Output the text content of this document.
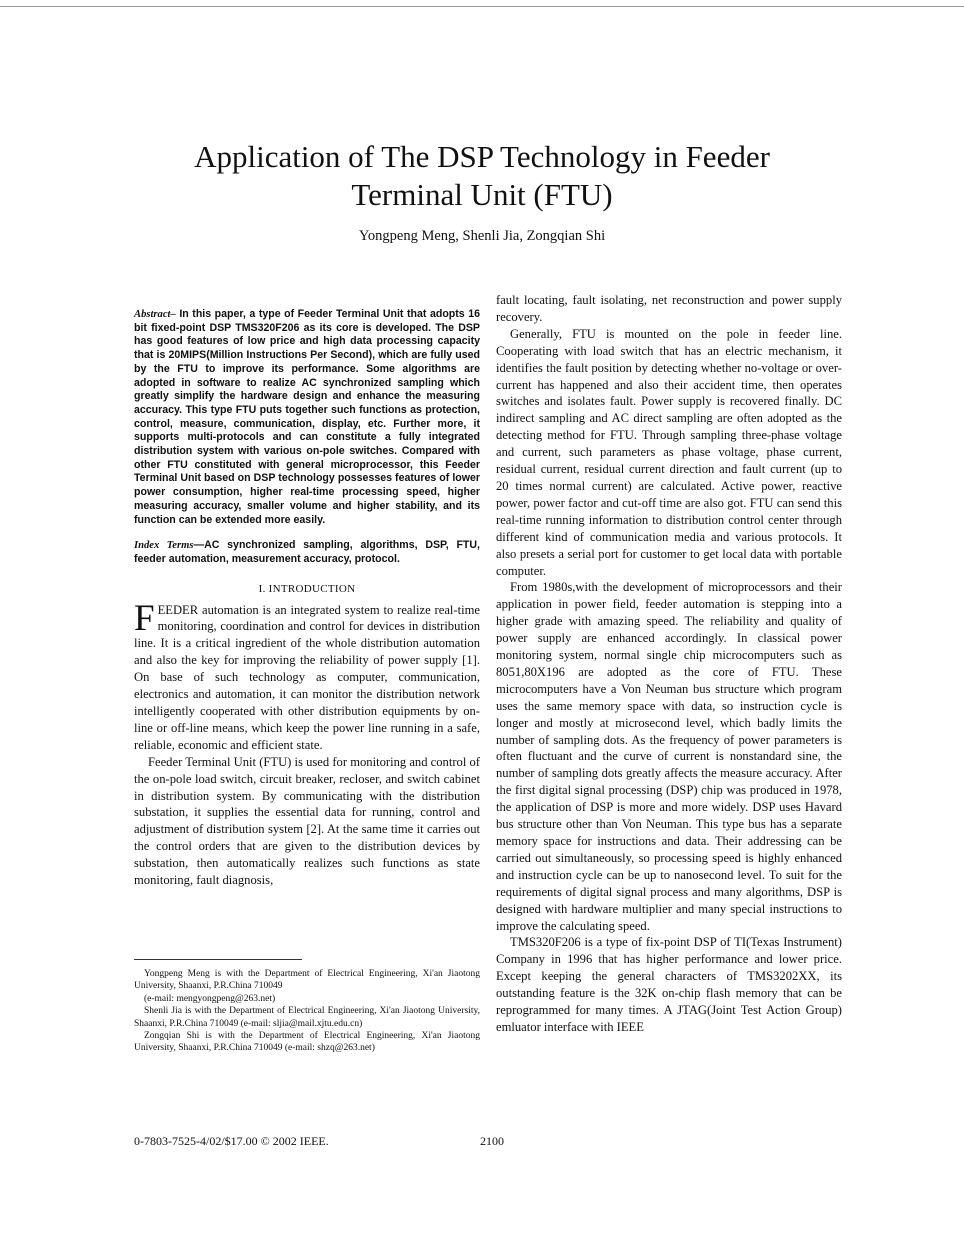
Application of The DSP Technology in Feeder
Terminal Unit (FTU)
Yongpeng Meng, Shenli Jia, Zongqian Shi

Abstract– In this paper, a type of Feeder Terminal Unit that adopts 16 bit fixed-point DSP TMS320F206 as its core is developed. The DSP has good features of low price and high data processing capacity that is 20MIPS(Million Instructions Per Second), which are fully used by the FTU to improve its performance. Some algorithms are adopted in software to realize AC synchronized sampling which greatly simplify the hardware design and enhance the measuring accuracy. This type FTU puts together such functions as protection, control, measure, communication, display, etc. Further more, it supports multi-protocols and can constitute a fully integrated distribution system with various on-pole switches. Compared with other FTU constituted with general microprocessor, this Feeder Terminal Unit based on DSP technology possesses features of lower power consumption, higher real-time processing speed, higher measuring accuracy, smaller volume and higher stability, and its function can be extended more easily.

Index Terms—AC synchronized sampling, algorithms, DSP, FTU, feeder automation, measurement accuracy, protocol.

I. INTRODUCTION

FEEDER automation is an integrated system to realize real-time monitoring, coordination and control for devices in distribution line. It is a critical ingredient of the whole distribution automation and also the key for improving the reliability of power supply [1]. On base of such technology as computer, communication, electronics and automation, it can monitor the distribution network intelligently cooperated with other distribution equipments by on-line or off-line means, which keep the power line running in a safe, reliable, economic and efficient state.

Feeder Terminal Unit (FTU) is used for monitoring and control of the on-pole load switch, circuit breaker, recloser, and switch cabinet in distribution system. By communicating with the distribution substation, it supplies the essential data for running, control and adjustment of distribution system [2]. At the same time it carries out the control orders that are given to the distribution devices by substation, then automatically realizes such functions as state monitoring, fault diagnosis,

Yongpeng Meng is with the Department of Electrical Engineering, Xi'an Jiaotong University, Shaanxi, P.R.China 710049

(e-mail: mengyongpeng@263.net)

Shenli Jia is with the Department of Electrical Engineering, Xi'an Jiaotong University, Shaanxi, P.R.China 710049 (e-mail: sljia@mail.xjtu.edu.cn)

Zongqian Shi is with the Department of Electrical Engineering, Xi'an Jiaotong University, Shaanxi, P.R.China 710049 (e-mail: shzq@263.net)

fault locating, fault isolating, net reconstruction and power supply recovery.

Generally, FTU is mounted on the pole in feeder line. Cooperating with load switch that has an electric mechanism, it identifies the fault position by detecting whether no-voltage or over-current has happened and also their accident time, then operates switches and isolates fault. Power supply is recovered finally. DC indirect sampling and AC direct sampling are often adopted as the detecting method for FTU. Through sampling three-phase voltage and current, such parameters as phase voltage, phase current, residual current, residual current direction and fault current (up to 20 times normal current) are calculated. Active power, reactive power, power factor and cut-off time are also got. FTU can send this real-time running information to distribution control center through different kind of communication media and various protocols. It also presets a serial port for customer to get local data with portable computer.

From 1980s,with the development of microprocessors and their application in power field, feeder automation is stepping into a higher grade with amazing speed. The reliability and quality of power supply are enhanced accordingly. In classical power monitoring system, normal single chip microcomputers such as 8051,80X196 are adopted as the core of FTU. These microcomputers have a Von Neuman bus structure which program uses the same memory space with data, so instruction cycle is longer and mostly at microsecond level, which badly limits the number of sampling dots. As the frequency of power parameters is often fluctuant and the curve of current is nonstandard sine, the number of sampling dots greatly affects the measure accuracy. After the first digital signal processing (DSP) chip was produced in 1978, the application of DSP is more and more widely. DSP uses Havard bus structure other than Von Neuman. This type bus has a separate memory space for instructions and data. Their addressing can be carried out simultaneously, so processing speed is highly enhanced and instruction cycle can be up to nanosecond level. To suit for the requirements of digital signal process and many algorithms, DSP is designed with hardware multiplier and many special instructions to improve the calculating speed.

TMS320F206 is a type of fix-point DSP of TI(Texas Instrument) Company in 1996 that has higher performance and lower price. Except keeping the general characters of TMS3202XX, its outstanding feature is the 32K on-chip flash memory that can be reprogrammed for many times. A JTAG(Joint Test Action Group) emluator interface with IEEE

0-7803-7525-4/02/$17.00 © 2002 IEEE.	2100
